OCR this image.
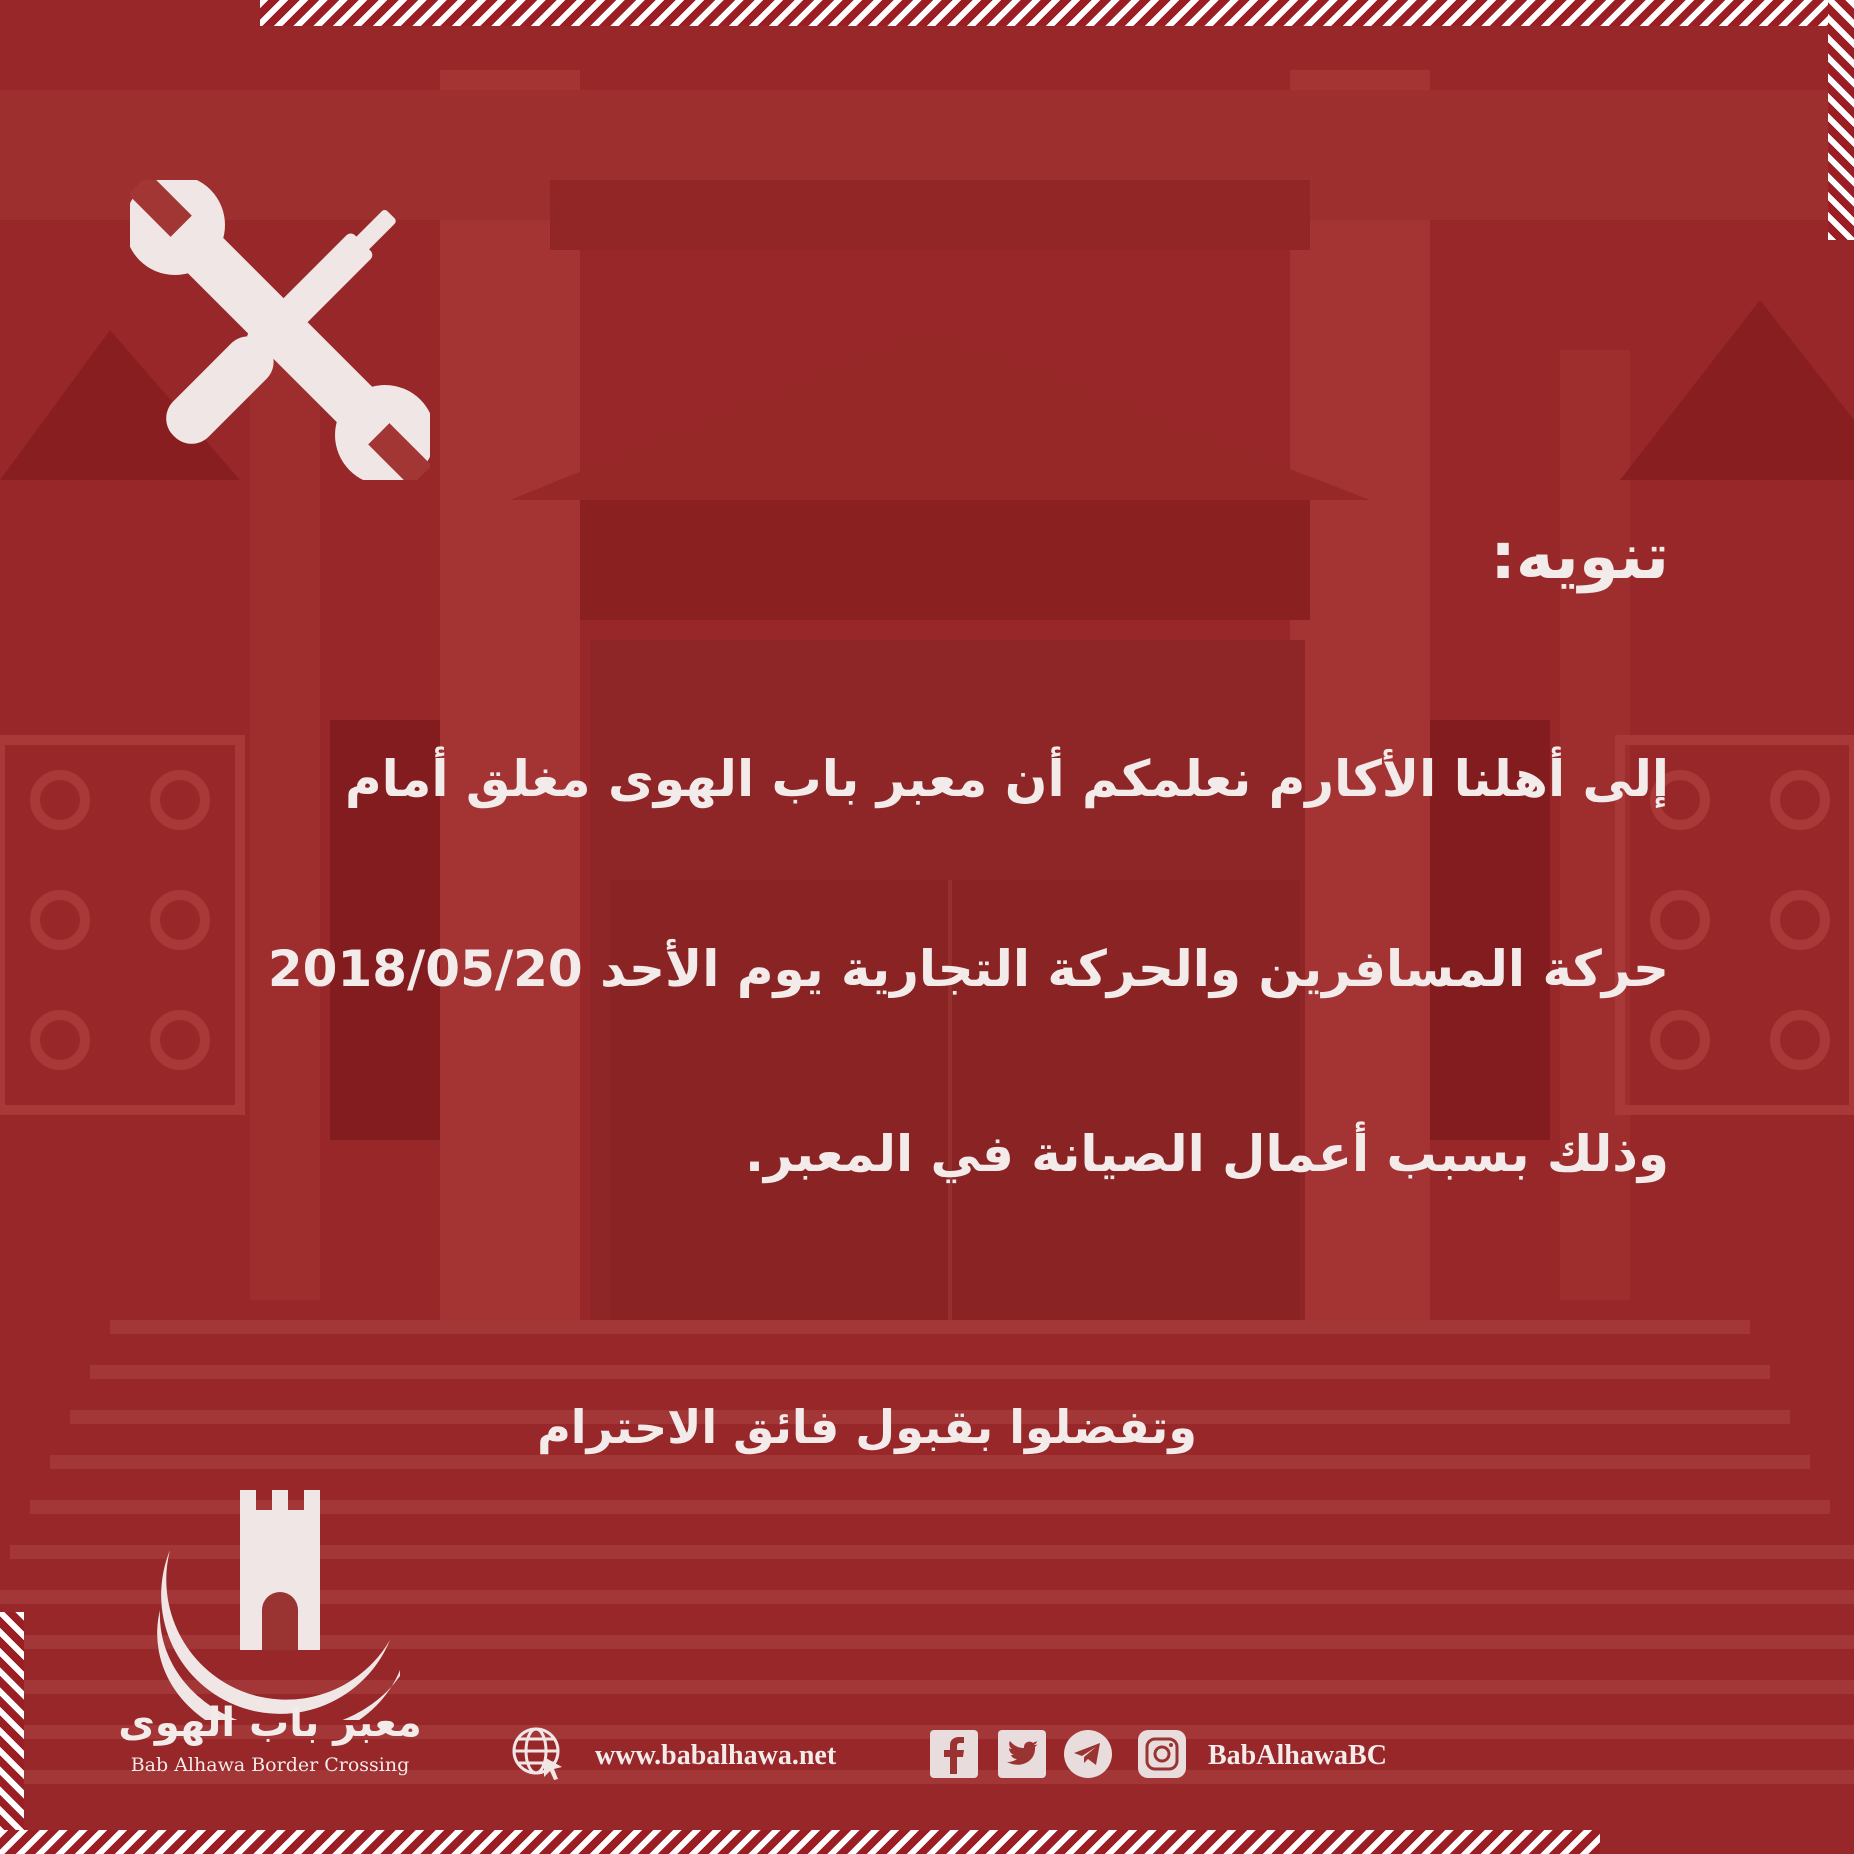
تنويه:
إلى أهلنا الأكارم نعلمكم أن معبر باب الهوى مغلق أمام
حركة المسافرين والحركة التجارية يوم الأحد 2018/05/20
وذلك بسبب أعمال الصيانة في المعبر.
وتفضلوا بقبول فائق الاحترام
معبر باب الهوى
Bab Alhawa Border Crossing	www.babalhawa.net	BabAlhawaBC
